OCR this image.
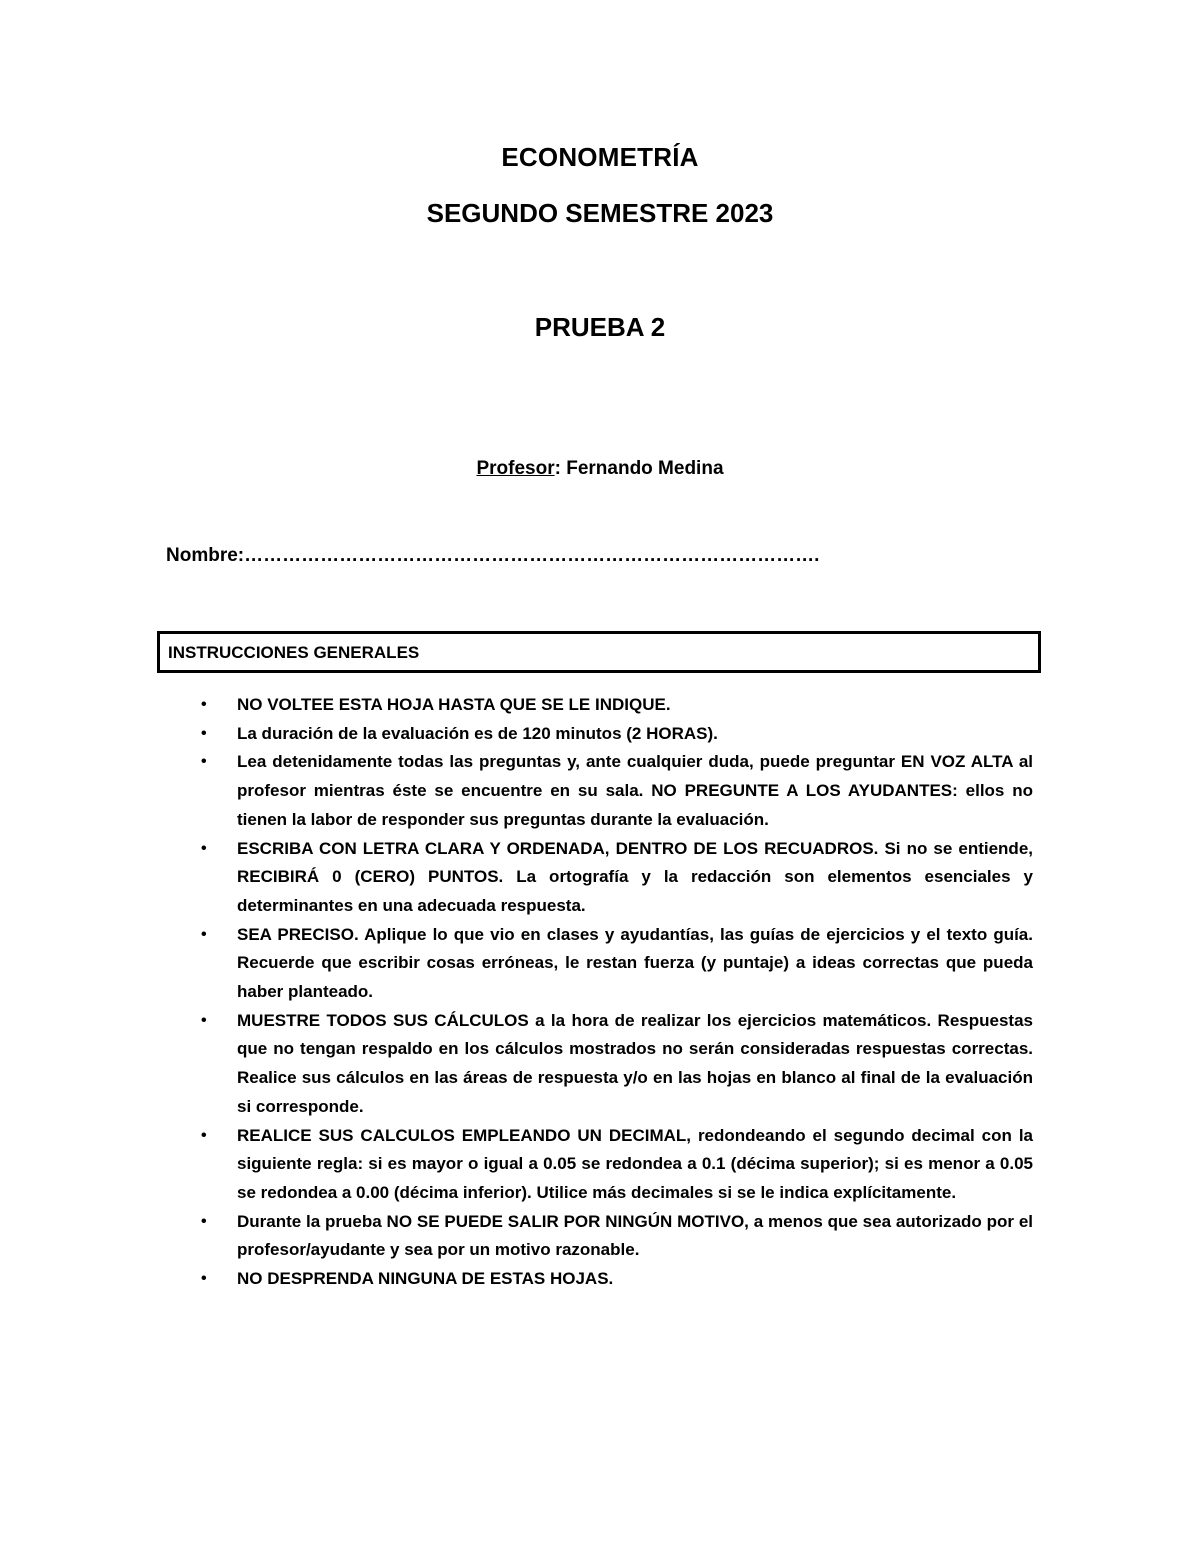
ECONOMETRÍA
SEGUNDO SEMESTRE 2023
PRUEBA 2
Profesor: Fernando Medina
Nombre:……………………………………………………………………………….
INSTRUCCIONES GENERALES
• NO VOLTEE ESTA HOJA HASTA QUE SE LE INDIQUE.
• La duración de la evaluación es de 120 minutos (2 HORAS).
• Lea detenidamente todas las preguntas y, ante cualquier duda, puede preguntar EN VOZ ALTA al profesor mientras éste se encuentre en su sala. NO PREGUNTE A LOS AYUDANTES: ellos no tienen la labor de responder sus preguntas durante la evaluación.
• ESCRIBA CON LETRA CLARA Y ORDENADA, DENTRO DE LOS RECUADROS. Si no se entiende, RECIBIRÁ 0 (CERO) PUNTOS. La ortografía y la redacción son elementos esenciales y determinantes en una adecuada respuesta.
• SEA PRECISO. Aplique lo que vio en clases y ayudantías, las guías de ejercicios y el texto guía. Recuerde que escribir cosas erróneas, le restan fuerza (y puntaje) a ideas correctas que pueda haber planteado.
• MUESTRE TODOS SUS CÁLCULOS a la hora de realizar los ejercicios matemáticos. Respuestas que no tengan respaldo en los cálculos mostrados no serán consideradas respuestas correctas. Realice sus cálculos en las áreas de respuesta y/o en las hojas en blanco al final de la evaluación si corresponde.
• REALICE SUS CALCULOS EMPLEANDO UN DECIMAL, redondeando el segundo decimal con la siguiente regla: si es mayor o igual a 0.05 se redondea a 0.1 (décima superior); si es menor a 0.05 se redondea a 0.00 (décima inferior). Utilice más decimales si se le indica explícitamente.
• Durante la prueba NO SE PUEDE SALIR POR NINGÚN MOTIVO, a menos que sea autorizado por el profesor/ayudante y sea por un motivo razonable.
• NO DESPRENDA NINGUNA DE ESTAS HOJAS.
